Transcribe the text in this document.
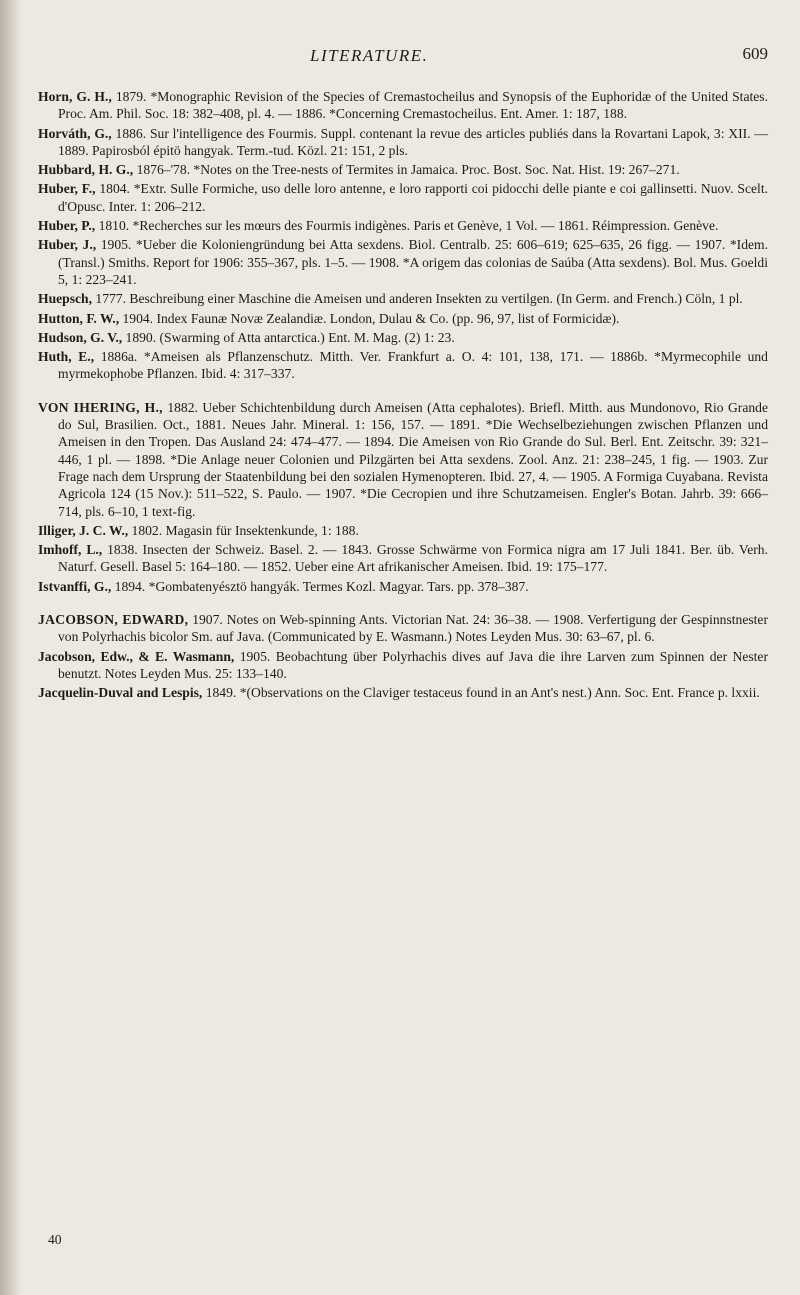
LITERATURE.	609

Horn, G. H., 1879. *Monographic Revision of the Species of Cremastocheilus and Synopsis of the Euphoridæ of the United States. Proc. Am. Phil. Soc. 18: 382–408, pl. 4. — 1886. *Concerning Cremastocheilus. Ent. Amer. 1: 187, 188.

Horváth, G., 1886. Sur l'intelligence des Fourmis. Suppl. contenant la revue des articles publiés dans la Rovartani Lapok, 3: XII. — 1889. Papirosból épitö hangyak. Term.-tud. Közl. 21: 151, 2 pls.

Hubbard, H. G., 1876–'78. *Notes on the Tree-nests of Termites in Jamaica. Proc. Bost. Soc. Nat. Hist. 19: 267–271.

Huber, F., 1804. *Extr. Sulle Formiche, uso delle loro antenne, e loro rapporti coi pidocchi delle piante e coi gallinsetti. Nuov. Scelt. d'Opusc. Inter. 1: 206–212.

Huber, P., 1810. *Recherches sur les mœurs des Fourmis indigènes. Paris et Genève, 1 Vol. — 1861. Réimpression. Genève.

Huber, J., 1905. *Ueber die Koloniengründung bei Atta sexdens. Biol. Centralb. 25: 606–619; 625–635, 26 figg. — 1907. *Idem. (Transl.) Smiths. Report for 1906: 355–367, pls. 1–5. — 1908. *A origem das colonias de Saúba (Atta sexdens). Bol. Mus. Goeldi 5, 1: 223–241.

Huepsch, 1777. Beschreibung einer Maschine die Ameisen und anderen Insekten zu vertilgen. (In Germ. and French.) Cöln, 1 pl.

Hutton, F. W., 1904. Index Faunæ Novæ Zealandiæ. London, Dulau & Co. (pp. 96, 97, list of Formicidæ).

Hudson, G. V., 1890. (Swarming of Atta antarctica.) Ent. M. Mag. (2) 1: 23.

Huth, E., 1886a. *Ameisen als Pflanzenschutz. Mitth. Ver. Frankfurt a. O. 4: 101, 138, 171. — 1886b. *Myrmecophile und myrmekophobe Pflanzen. Ibid. 4: 317–337.

VON IHERING, H., 1882. Ueber Schichtenbildung durch Ameisen (Atta cephalotes). Briefl. Mitth. aus Mundonovo, Rio Grande do Sul, Brasilien. Oct., 1881. Neues Jahr. Mineral. 1: 156, 157. — 1891. *Die Wechselbeziehungen zwischen Pflanzen und Ameisen in den Tropen. Das Ausland 24: 474–477. — 1894. Die Ameisen von Rio Grande do Sul. Berl. Ent. Zeitschr. 39: 321–446, 1 pl. — 1898. *Die Anlage neuer Colonien und Pilzgärten bei Atta sexdens. Zool. Anz. 21: 238–245, 1 fig. — 1903. Zur Frage nach dem Ursprung der Staatenbildung bei den sozialen Hymenopteren. Ibid. 27, 4. — 1905. A Formiga Cuyabana. Revista Agricola 124 (15 Nov.): 511–522, S. Paulo. — 1907. *Die Cecropien und ihre Schutzameisen. Engler's Botan. Jahrb. 39: 666–714, pls. 6–10, 1 text-fig.

Illiger, J. C. W., 1802. Magasin für Insektenkunde, 1: 188.

Imhoff, L., 1838. Insecten der Schweiz. Basel. 2. — 1843. Grosse Schwärme von Formica nigra am 17 Juli 1841. Ber. üb. Verh. Naturf. Gesell. Basel 5: 164–180. — 1852. Ueber eine Art afrikanischer Ameisen. Ibid. 19: 175–177.

Istvanffi, G., 1894. *Gombatenyésztö hangyák. Termes Kozl. Magyar. Tars. pp. 378–387.

JACOBSON, EDWARD, 1907. Notes on Web-spinning Ants. Victorian Nat. 24: 36–38. — 1908. Verfertigung der Gespinnstnester von Polyrhachis bicolor Sm. auf Java. (Communicated by E. Wasmann.) Notes Leyden Mus. 30: 63–67, pl. 6.

Jacobson, Edw., & E. Wasmann, 1905. Beobachtung über Polyrhachis dives auf Java die ihre Larven zum Spinnen der Nester benutzt. Notes Leyden Mus. 25: 133–140.

Jacquelin-Duval and Lespis, 1849. *(Observations on the Claviger testaceus found in an Ant's nest.) Ann. Soc. Ent. France p. lxxii.

40
